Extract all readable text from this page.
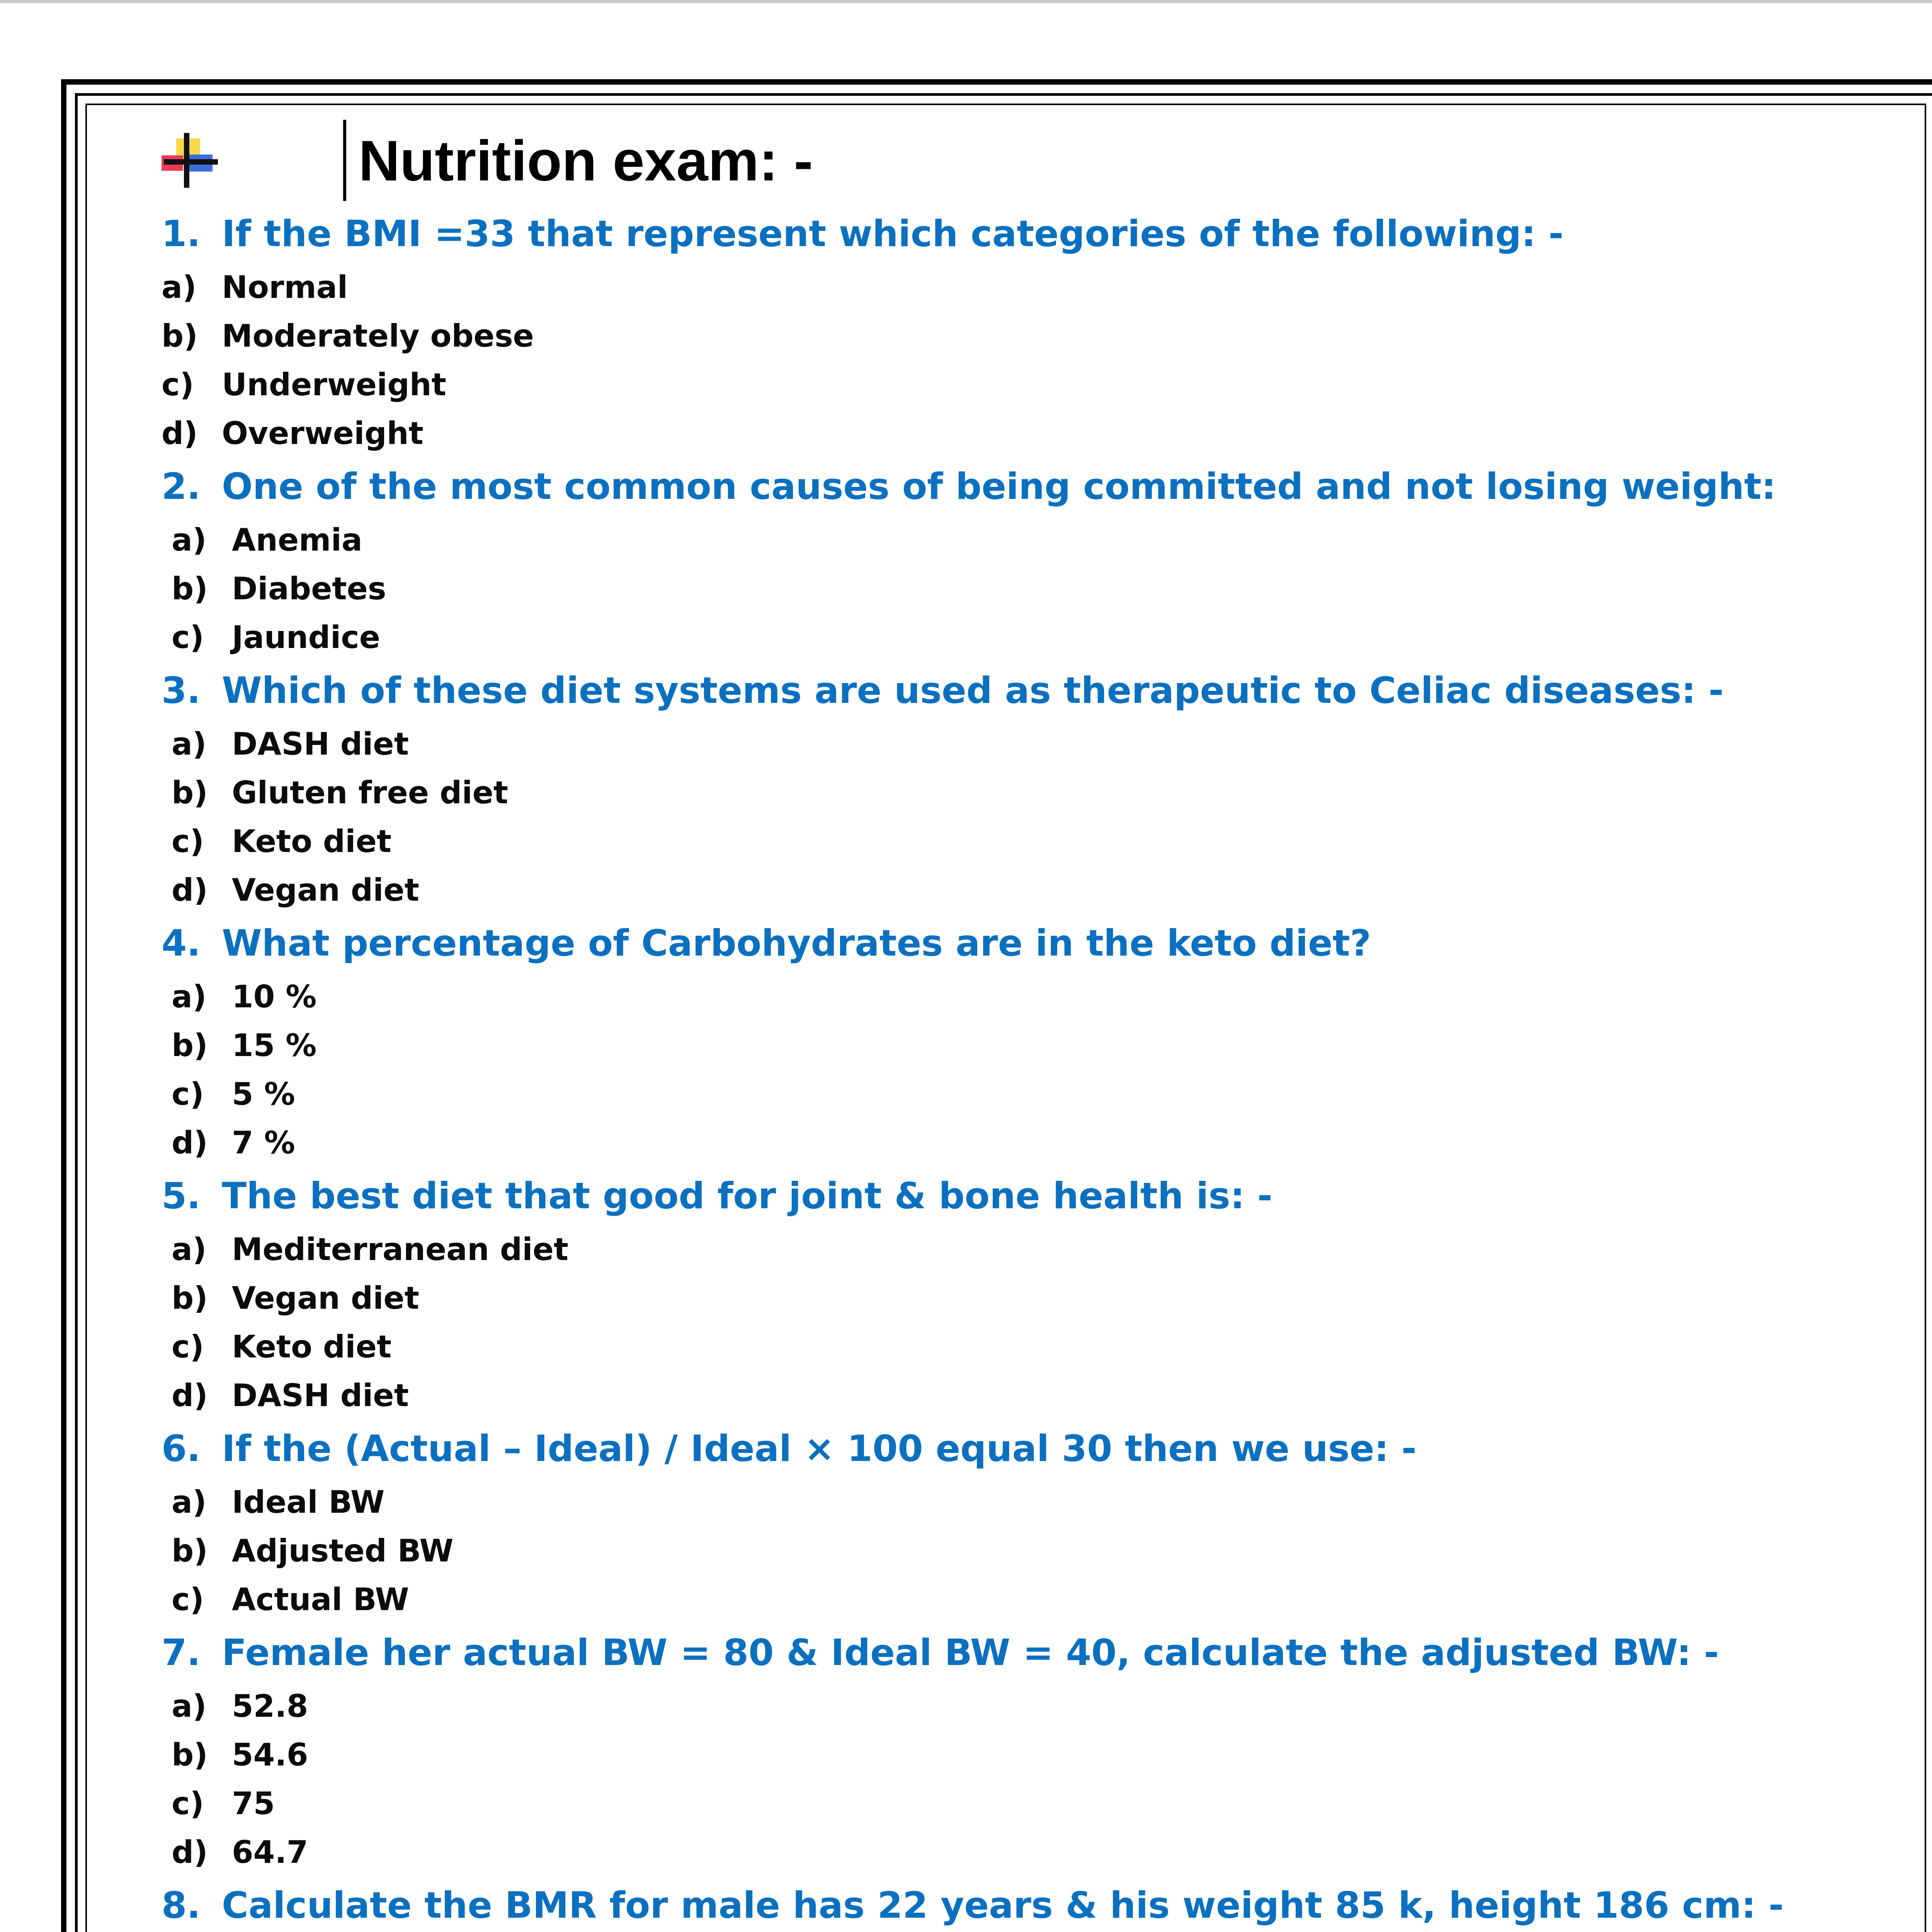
Nutrition exam: -
1. If the BMI =33 that represent which categories of the following: -
a) Normal
b) Moderately obese
c) Underweight
d) Overweight
2. One of the most common causes of being committed and not losing weight:
a) Anemia
b) Diabetes
c) Jaundice
3. Which of these diet systems are used as therapeutic to Celiac diseases: -
a) DASH diet
b) Gluten free diet
c) Keto diet
d) Vegan diet
4. What percentage of Carbohydrates are in the keto diet?
a) 10 %
b) 15 %
c) 5 %
d) 7 %
5. The best diet that good for joint & bone health is: -
a) Mediterranean diet
b) Vegan diet
c) Keto diet
d) DASH diet
6. If the (Actual – Ideal) / Ideal × 100 equal 30 then we use: -
a) Ideal BW
b) Adjusted BW
c) Actual BW
7. Female her actual BW = 80 & Ideal BW = 40, calculate the adjusted BW: -
a) 52.8
b) 54.6
c) 75
d) 64.7
8. Calculate the BMR for male has 22 years & his weight 85 k, height 186 cm: -
